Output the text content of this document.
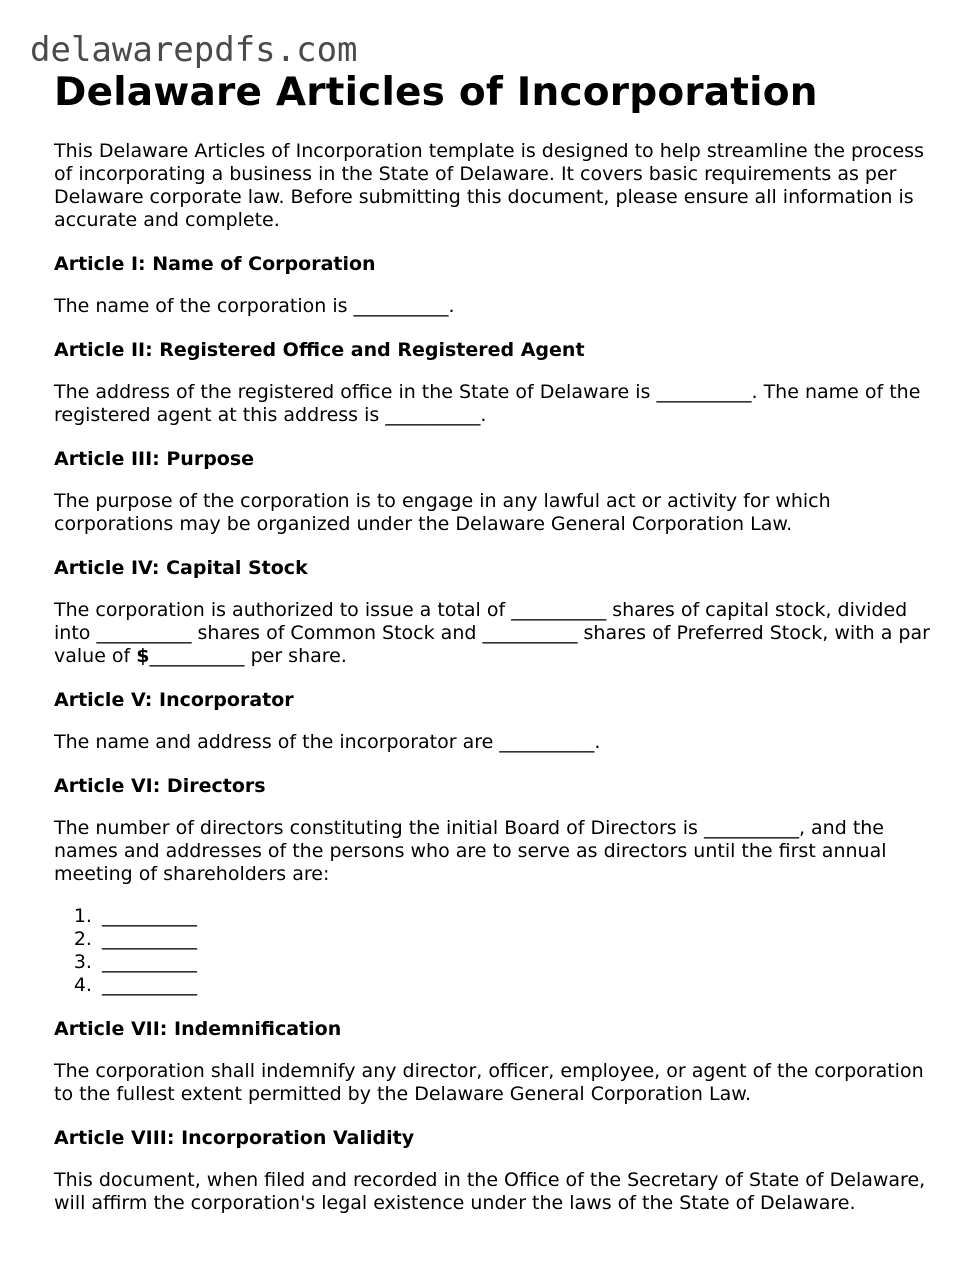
delawarepdfs.com
Delaware Articles of Incorporation

This Delaware Articles of Incorporation template is designed to help streamline the process of incorporating a business in the State of Delaware. It covers basic requirements as per Delaware corporate law. Before submitting this document, please ensure all information is accurate and complete.

Article I: Name of Corporation

The name of the corporation is __________.

Article II: Registered Office and Registered Agent

The address of the registered office in the State of Delaware is __________. The name of the registered agent at this address is __________.

Article III: Purpose

The purpose of the corporation is to engage in any lawful act or activity for which corporations may be organized under the Delaware General Corporation Law.

Article IV: Capital Stock

The corporation is authorized to issue a total of __________ shares of capital stock, divided into __________ shares of Common Stock and __________ shares of Preferred Stock, with a par value of $__________ per share.

Article V: Incorporator

The name and address of the incorporator are __________.

Article VI: Directors

The number of directors constituting the initial Board of Directors is __________, and the names and addresses of the persons who are to serve as directors until the first annual meeting of shareholders are:

1. __________
2. __________
3. __________
4. __________
Article VII: Indemnification

The corporation shall indemnify any director, officer, employee, or agent of the corporation to the fullest extent permitted by the Delaware General Corporation Law.

Article VIII: Incorporation Validity

This document, when filed and recorded in the Office of the Secretary of State of Delaware, will affirm the corporation's legal existence under the laws of the State of Delaware.
